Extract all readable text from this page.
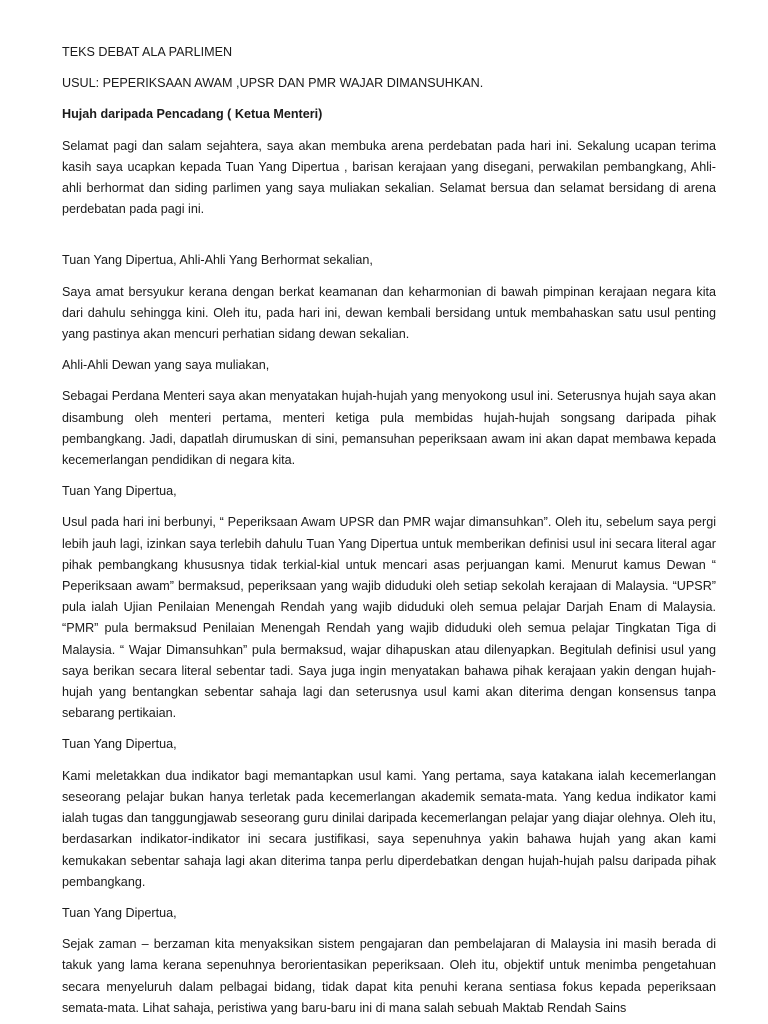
TEKS DEBAT ALA PARLIMEN

USUL: PEPERIKSAAN AWAM ,UPSR DAN PMR WAJAR DIMANSUHKAN.

Hujah daripada Pencadang ( Ketua Menteri)

Selamat pagi dan salam sejahtera, saya akan membuka arena perdebatan pada hari ini. Sekalung ucapan terima kasih saya ucapkan kepada Tuan Yang Dipertua , barisan kerajaan yang disegani, perwakilan pembangkang, Ahli-ahli berhormat dan siding parlimen yang saya muliakan sekalian. Selamat bersua dan selamat bersidang di arena perdebatan pada pagi ini.

Tuan Yang Dipertua, Ahli-Ahli Yang Berhormat sekalian,

Saya amat bersyukur kerana dengan berkat keamanan dan keharmonian di bawah pimpinan kerajaan negara kita dari dahulu sehingga kini. Oleh itu, pada hari ini, dewan kembali bersidang untuk membahaskan satu usul penting yang pastinya akan mencuri perhatian sidang dewan sekalian.

Ahli-Ahli Dewan yang saya muliakan,

Sebagai Perdana Menteri saya akan menyatakan hujah-hujah yang menyokong usul ini. Seterusnya hujah saya akan disambung oleh menteri pertama, menteri ketiga pula membidas hujah-hujah songsang daripada pihak pembangkang. Jadi, dapatlah dirumuskan di sini, pemansuhan peperiksaan awam ini akan dapat membawa kepada kecemerlangan pendidikan di negara kita.

Tuan Yang Dipertua,

Usul pada hari ini berbunyi, “ Peperiksaan Awam UPSR dan PMR wajar dimansuhkan”. Oleh itu, sebelum saya pergi lebih jauh lagi, izinkan saya terlebih dahulu Tuan Yang Dipertua untuk memberikan definisi usul ini secara literal agar pihak pembangkang khususnya tidak terkial-kial untuk mencari asas perjuangan kami. Menurut kamus Dewan “ Peperiksaan awam” bermaksud, peperiksaan yang wajib diduduki oleh setiap sekolah kerajaan di Malaysia. “UPSR” pula ialah Ujian Penilaian Menengah Rendah yang wajib diduduki oleh semua pelajar Darjah Enam di Malaysia. “PMR” pula bermaksud Penilaian Menengah Rendah yang wajib diduduki oleh semua pelajar Tingkatan Tiga di Malaysia. “ Wajar Dimansuhkan” pula bermaksud, wajar dihapuskan atau dilenyapkan. Begitulah definisi usul yang saya berikan secara literal sebentar tadi. Saya juga ingin menyatakan bahawa pihak kerajaan yakin dengan hujah-hujah yang bentangkan sebentar sahaja lagi dan seterusnya usul kami akan diterima dengan konsensus tanpa sebarang pertikaian.

Tuan Yang Dipertua,

Kami meletakkan dua indikator bagi memantapkan usul kami. Yang pertama, saya katakana ialah kecemerlangan seseorang pelajar bukan hanya terletak pada kecemerlangan akademik semata-mata. Yang kedua indikator kami ialah tugas dan tanggungjawab seseorang guru dinilai daripada kecemerlangan pelajar yang diajar olehnya. Oleh itu, berdasarkan indikator-indikator ini secara justifikasi, saya sepenuhnya yakin bahawa hujah yang akan kami kemukakan sebentar sahaja lagi akan diterima tanpa perlu diperdebatkan dengan hujah-hujah palsu daripada pihak pembangkang.

Tuan Yang Dipertua,

Sejak zaman – berzaman kita menyaksikan sistem pengajaran dan pembelajaran di Malaysia ini masih berada di takuk yang lama kerana sepenuhnya berorientasikan peperiksaan. Oleh itu, objektif untuk menimba pengetahuan secara menyeluruh dalam pelbagai bidang, tidak dapat kita penuhi kerana sentiasa fokus kepada peperiksaan semata-mata. Lihat sahaja, peristiwa yang baru-baru ini di mana salah sebuah Maktab Rendah Sains
